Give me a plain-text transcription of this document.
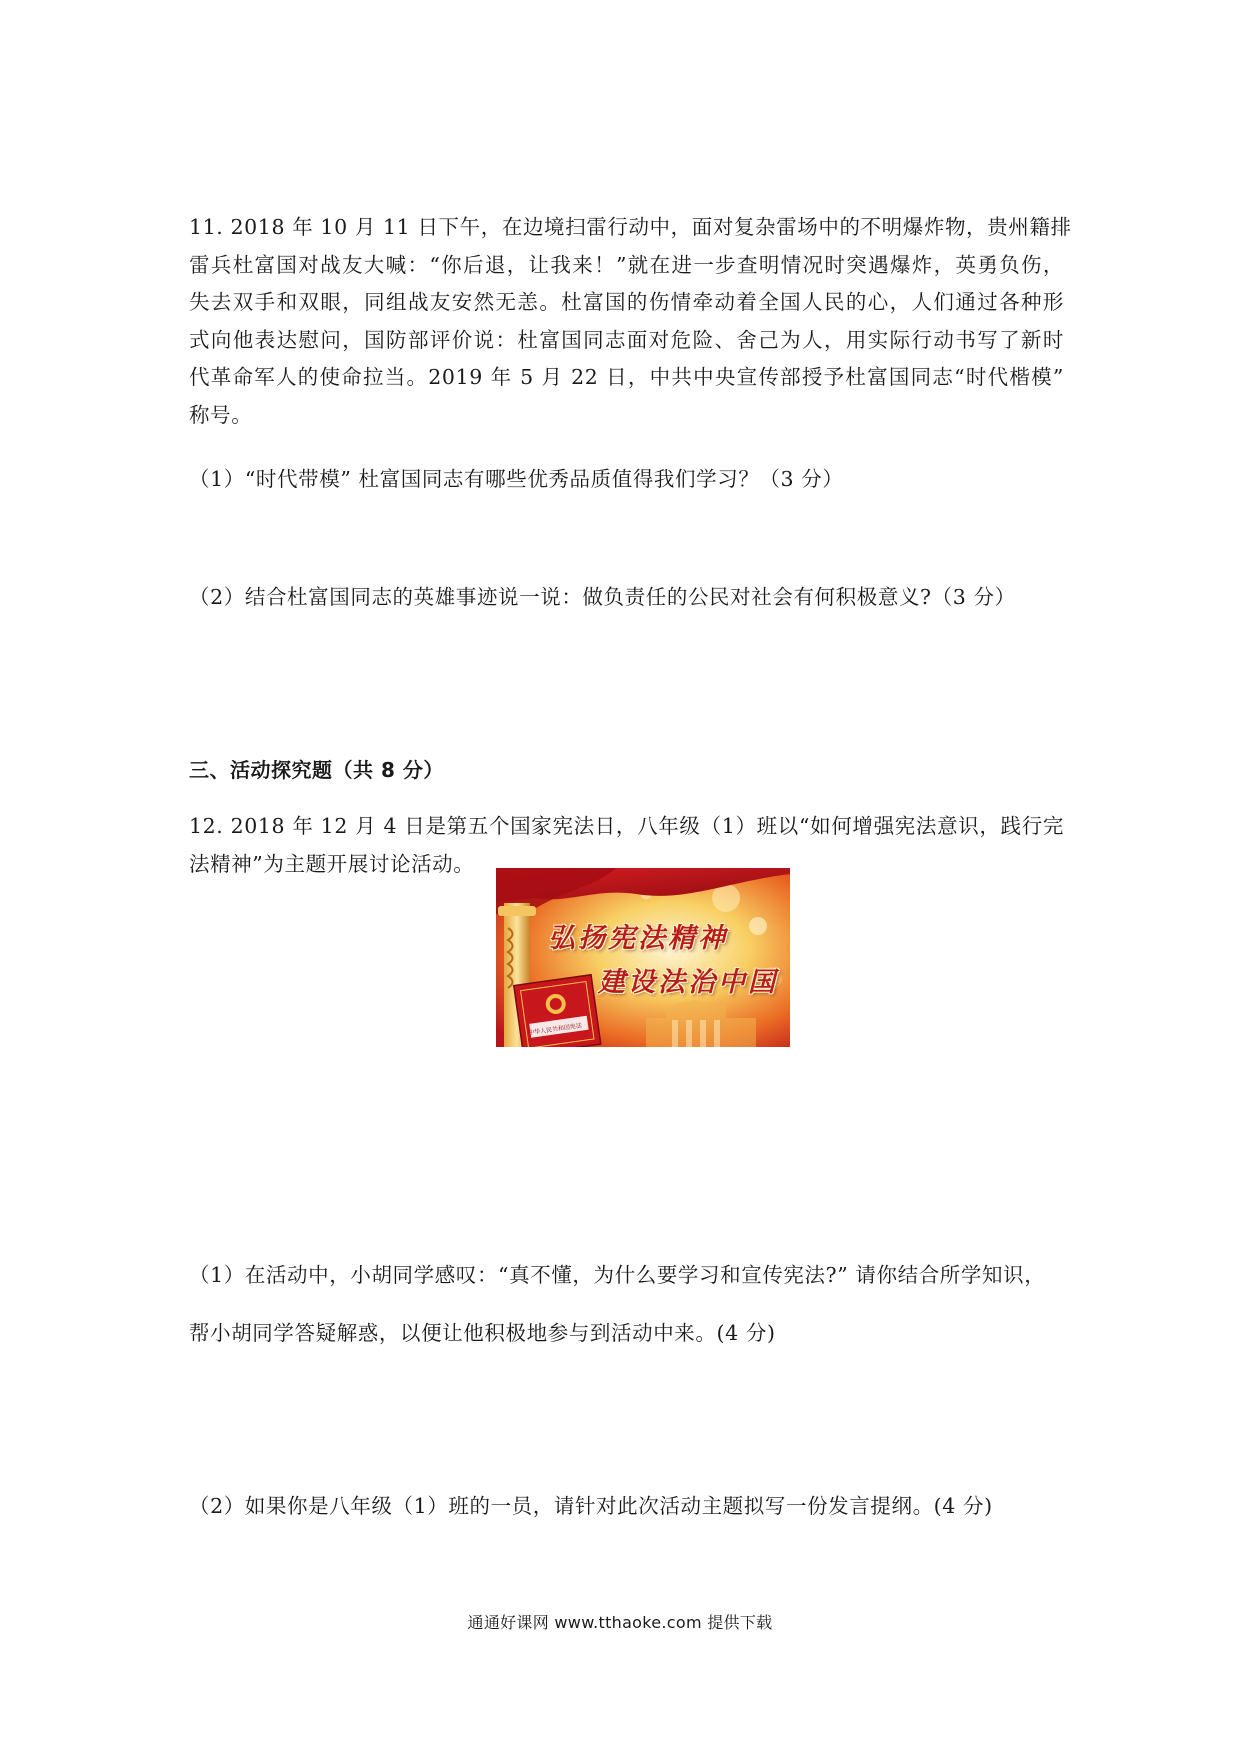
11. 2018 年 10 月 11 日下午，在边境扫雷行动中，面对复杂雷场中的不明爆炸物，贵州籍排
雷兵杜富国对战友大喊：“你后退，让我来！”就在进一步查明情况时突遇爆炸，英勇负伤，
失去双手和双眼，同组战友安然无恙。杜富国的伤情牵动着全国人民的心，人们通过各种形
式向他表达慰问，国防部评价说：杜富国同志面对危险、舍己为人，用实际行动书写了新时
代革命军人的使命拉当。2019 年 5 月 22 日，中共中央宣传部授予杜富国同志“时代楷模”
称号。
（1）“时代带模” 杜富国同志有哪些优秀品质值得我们学习？（3 分）
（2）结合杜富国同志的英雄事迹说一说：做负责任的公民对社会有何积极意义?（3 分）
三、活动探究题（共 8 分）
12. 2018 年 12 月 4 日是第五个国家宪法日，八年级（1）班以“如何增强宪法意识，践行完
法精神”为主题开展讨论活动。
弘扬宪法精神
建设法治中国
中华人民共和国宪法
（1）在活动中，小胡同学感叹：“真不懂，为什么要学习和宣传宪法?” 请你结合所学知识，
帮小胡同学答疑解惑，以便让他积极地参与到活动中来。(4 分)
（2）如果你是八年级（1）班的一员，请针对此次活动主题拟写一份发言提纲。(4 分)
通通好课网 www.tthaoke.com 提供下载
